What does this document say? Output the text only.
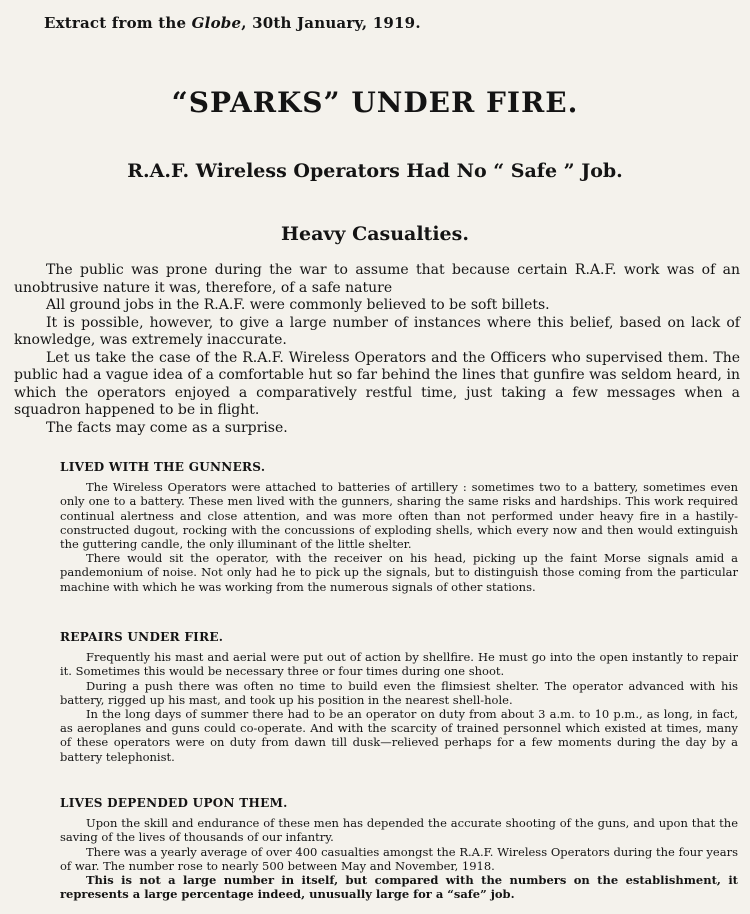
Extract from the Globe, 30th January, 1919.
“SPARKS” UNDER FIRE.
R.A.F. Wireless Operators Had No “ Safe ” Job.
Heavy Casualties.

The public was prone during the war to assume that because certain R.A.F. work was of an unobtrusive nature it was, therefore, of a safe nature

All ground jobs in the R.A.F. were commonly believed to be soft billets.

It is possible, however, to give a large number of instances where this belief, based on lack of knowledge, was extremely inaccurate.

Let us take the case of the R.A.F. Wireless Operators and the Officers who supervised them. The public had a vague idea of a comfortable hut so far behind the lines that gunfire was seldom heard, in which the operators enjoyed a comparatively restful time, just taking a few messages when a squadron happened to be in flight.

The facts may come as a surprise.

LIVED WITH THE GUNNERS.

The Wireless Operators were attached to batteries of artillery : sometimes two to a battery, sometimes even only one to a battery. These men lived with the gunners, sharing the same risks and hardships. This work required continual alertness and close attention, and was more often than not performed under heavy fire in a hastily-constructed dugout, rocking with the concussions of exploding shells, which every now and then would extinguish the guttering candle, the only illuminant of the little shelter.

There would sit the operator, with the receiver on his head, picking up the faint Morse signals amid a pandemonium of noise. Not only had he to pick up the signals, but to distinguish those coming from the particular machine with which he was working from the numerous signals of other stations.

REPAIRS UNDER FIRE.

Frequently his mast and aerial were put out of action by shellfire. He must go into the open instantly to repair it. Sometimes this would be necessary three or four times during one shoot.

During a push there was often no time to build even the flimsiest shelter. The operator advanced with his battery, rigged up his mast, and took up his position in the nearest shell-hole.

In the long days of summer there had to be an operator on duty from about 3 a.m. to 10 p.m., as long, in fact, as aeroplanes and guns could co-operate. And with the scarcity of trained personnel which existed at times, many of these operators were on duty from dawn till dusk—relieved perhaps for a few moments during the day by a battery telephonist.

LIVES DEPENDED UPON THEM.

Upon the skill and endurance of these men has depended the accurate shooting of the guns, and upon that the saving of the lives of thousands of our infantry.

There was a yearly average of over 400 casualties amongst the R.A.F. Wireless Operators during the four years of war. The number rose to nearly 500 between May and November, 1918.

This is not a large number in itself, but compared with the numbers on the establishment, it represents a large percentage indeed, unusually large for a “safe” job.
